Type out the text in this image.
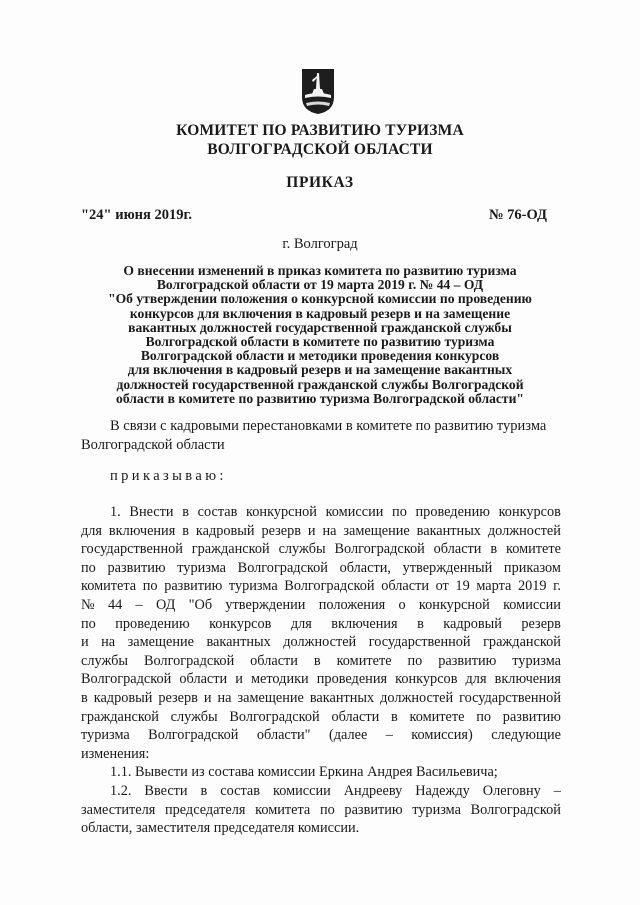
КОМИТЕТ ПО РАЗВИТИЮ ТУРИЗМА
ВОЛГОГРАДСКОЙ ОБЛАСТИ
ПРИКАЗ
"24" июня 2019г.	№ 76-ОД
г. Волгоград
О внесении изменений в приказ комитета по развитию туризма
Волгоградской области от 19 марта 2019 г. № 44 – ОД
"Об утверждении положения о конкурсной комиссии по проведению
конкурсов для включения в кадровый резерв и на замещение
вакантных должностей государственной гражданской службы
Волгоградской области в комитете по развитию туризма
Волгоградской области и методики проведения конкурсов
для включения в кадровый резерв и на замещение вакантных
должностей государственной гражданской службы Волгоградской
области в комитете по развитию туризма Волгоградской области"
В связи с кадровыми перестановками в комитете по развитию туризма
Волгоградской области
приказываю:
1. Внести в состав конкурсной комиссии по проведению конкурсов
для включения в кадровый резерв и на замещение вакантных должностей
государственной гражданской службы Волгоградской области в комитете
по развитию туризма Волгоградской области, утвержденный приказом
комитета по развитию туризма Волгоградской области от 19 марта 2019 г.
№ 44 – ОД "Об утверждении положения о конкурсной комиссии
по проведению конкурсов для включения в кадровый резерв
и на замещение вакантных должностей государственной гражданской
службы Волгоградской области в комитете по развитию туризма
Волгоградской области и методики проведения конкурсов для включения
в кадровый резерв и на замещение вакантных должностей государственной
гражданской службы Волгоградской области в комитете по развитию
туризма Волгоградской области" (далее – комиссия) следующие
изменения:
1.1. Вывести из состава комиссии Еркина Андрея Васильевича;
1.2. Ввести в состав комиссии Андрееву Надежду Олеговну –
заместителя председателя комитета по развитию туризма Волгоградской
области, заместителя председателя комиссии.
